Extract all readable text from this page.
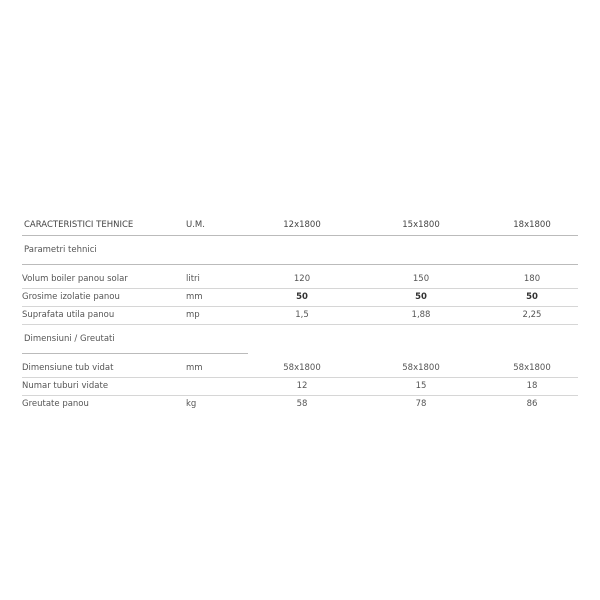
CARACTERISTICI TEHNICE	U.M.	12x1800	15x1800	18x1800
Parametri tehnici				

Volum boiler panou solar	litri	120	150	180
Grosime izolatie panou	mm	50	50	50
Suprafata utila panou	mp	1,5	1,88	2,25
Dimensiuni / Greutati				

Dimensiune tub vidat	mm	58x1800	58x1800	58x1800
Numar tuburi vidate		12	15	18
Greutate panou	kg	58	78	86
